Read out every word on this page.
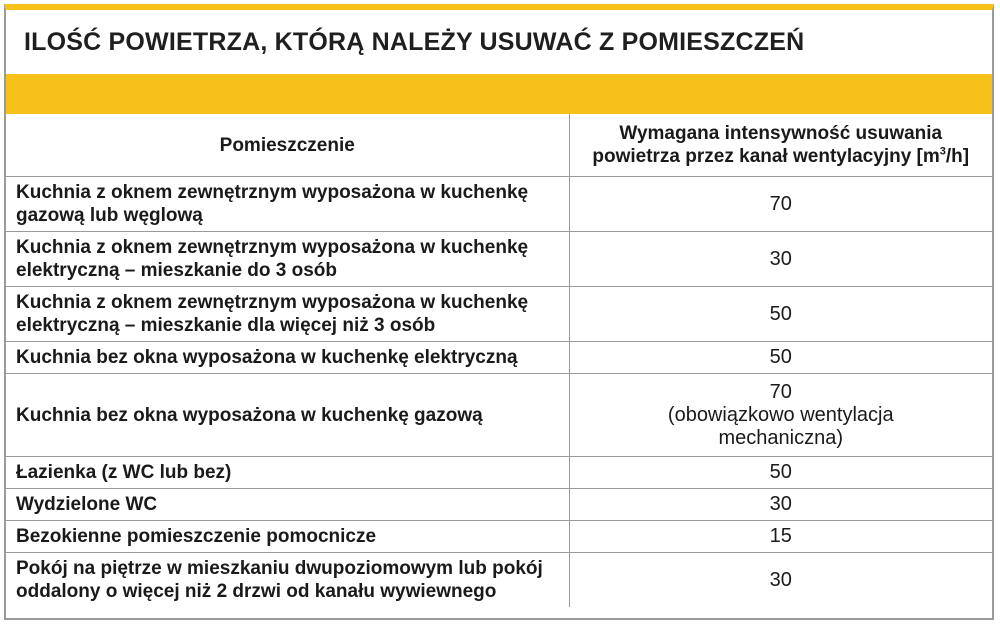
ILOŚĆ POWIETRZA, KTÓRĄ NALEŻY USUWAĆ Z POMIESZCZEŃ
Pomieszczenie	Wymagana intensywność usuwania
powietrza przez kanał wentylacyjny $[m^3/h]$
Kuchnia z oknem zewnętrznym wyposażona w kuchenkę gazową lub węglową	70
Kuchnia z oknem zewnętrznym wyposażona w kuchenkę elektryczną – mieszkanie do 3 osób	30
Kuchnia z oknem zewnętrznym wyposażona w kuchenkę elektryczną – mieszkanie dla więcej niż 3 osób	50
Kuchnia bez okna wyposażona w kuchenkę elektryczną	50
Kuchnia bez okna wyposażona w kuchenkę gazową	70
(obowiązkowo wentylacja
mechaniczna)
Łazienka (z WC lub bez)	50
Wydzielone WC	30
Bezokienne pomieszczenie pomocnicze	15
Pokój na piętrze w mieszkaniu dwupoziomowym lub pokój oddalony o więcej niż 2 drzwi od kanału wywiewnego	30
